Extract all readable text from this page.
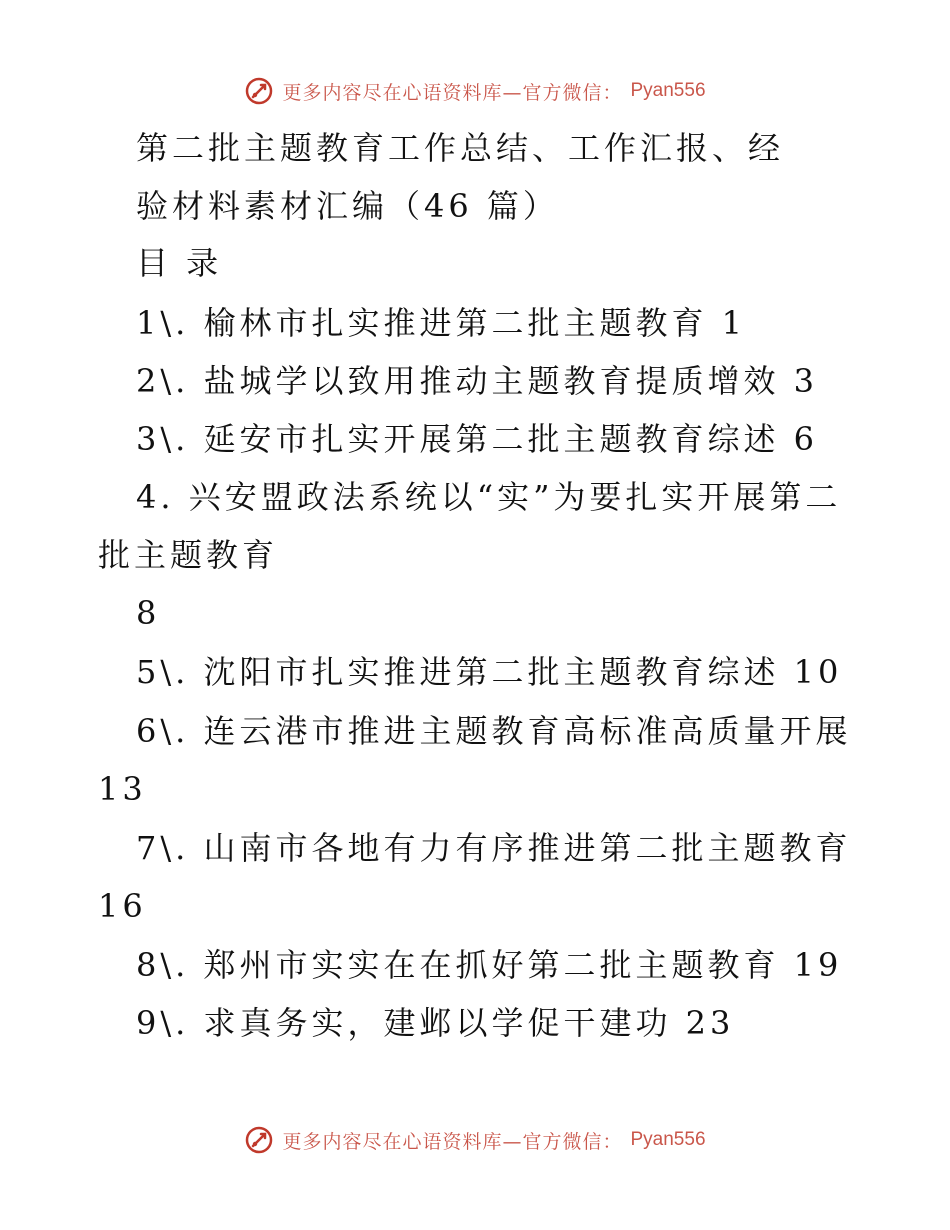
更多内容尽在心语资料库—官方微信： Pyan556
第二批主题教育工作总结、工作汇报、经
验材料素材汇编（46 篇）
目 录
1\. 榆林市扎实推进第二批主题教育 1
2\. 盐城学以致用推动主题教育提质增效 3
3\. 延安市扎实开展第二批主题教育综述 6
4. 兴安盟政法系统以“实”为要扎实开展第二
批主题教育
8
5\. 沈阳市扎实推进第二批主题教育综述 10
6\. 连云港市推进主题教育高标准高质量开展
13
7\. 山南市各地有力有序推进第二批主题教育
16
8\. 郑州市实实在在抓好第二批主题教育 19
9\. 求真务实，建邺以学促干建功 23
更多内容尽在心语资料库—官方微信： Pyan556
